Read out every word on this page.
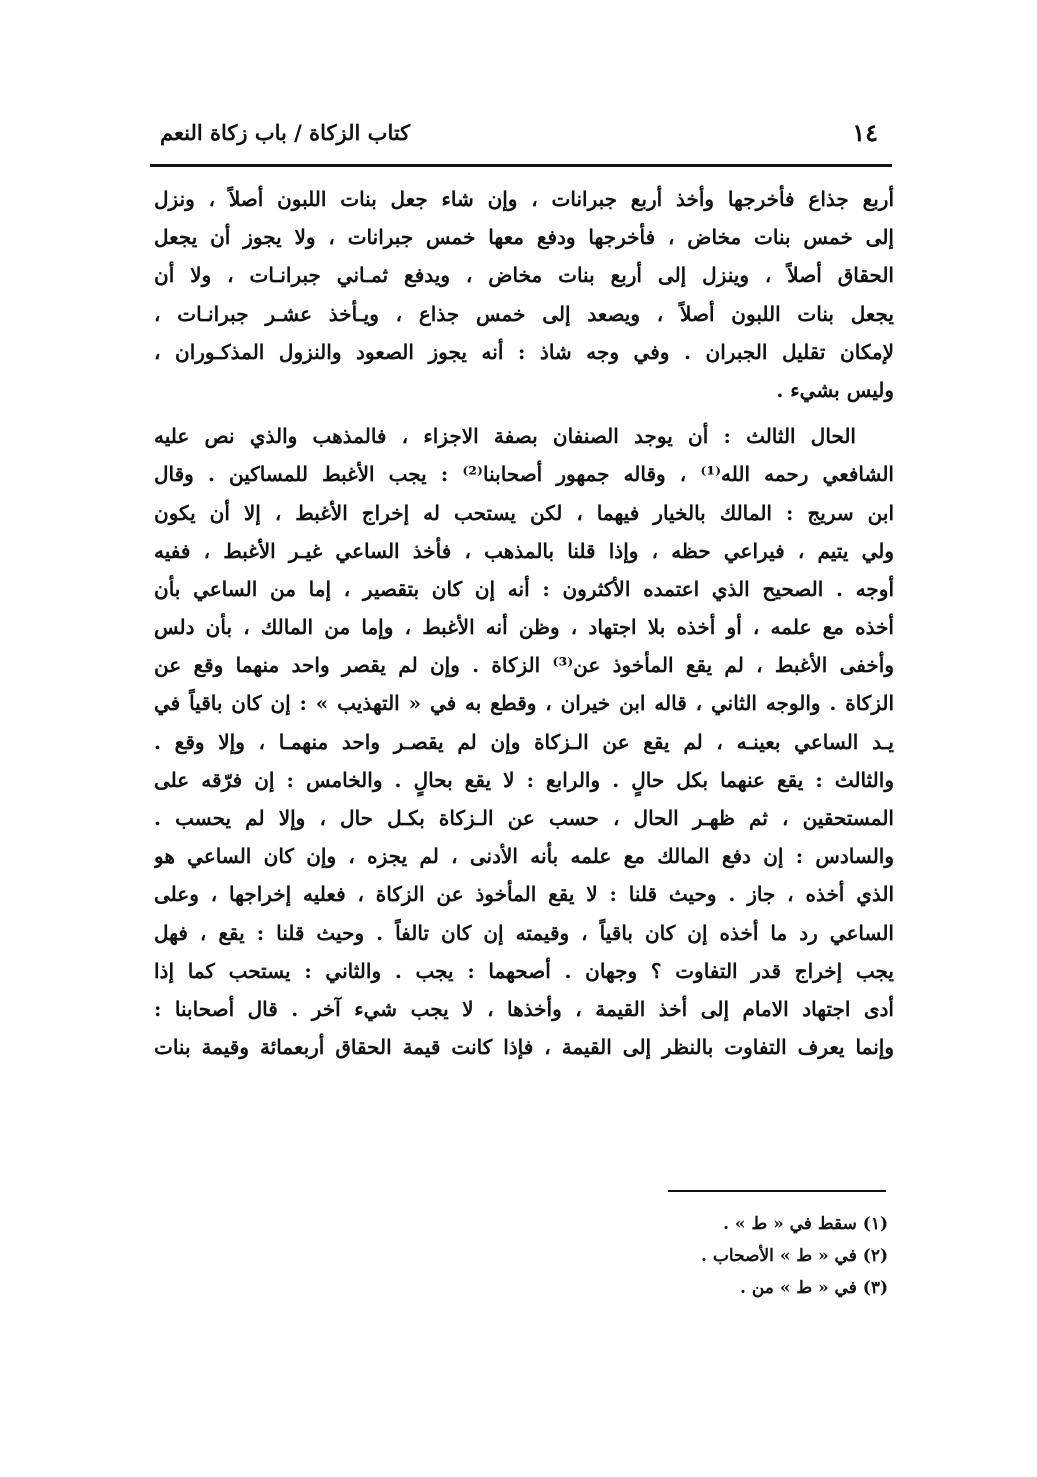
كتاب الزكاة / باب زكاة النعم	١٤
أربع جذاع فأخرجها وأخذ أربع جبرانات ، وإن شاء جعل بنات اللبون أصلاً ، ونزل
إلى خمس بنات مخاض ، فأخرجها ودفع معها خمس جبرانات ، ولا يجوز أن يجعل
الحقاق أصلاً ، وينزل إلى أربع بنات مخاض ، ويدفع ثمـاني جبرانـات ، ولا أن
يجعل بنات اللبون أصلاً ، ويصعد إلى خمس جذاع ، ويـأخذ عشـر جبرانـات ،
لإمكان تقليل الجبران . وفي وجه شاذ : أنه يجوز الصعود والنزول المذكـوران ،
وليس بشيء .
الحال الثالث : أن يوجد الصنفان بصفة الاجزاء ، فالمذهب والذي نص عليه
الشافعي رحمه الله⁽¹⁾ ، وقاله جمهور أصحابنا⁽²⁾ : يجب الأغبط للمساكين . وقال
ابن سريج : المالك بالخيار فيهما ، لكن يستحب له إخراج الأغبط ، إلا أن يكون
ولي يتيم ، فيراعي حظه ، وإذا قلنا بالمذهب ، فأخذ الساعي غيـر الأغبط ، ففيه
أوجه . الصحيح الذي اعتمده الأكثرون : أنه إن كان بتقصير ، إما من الساعي بأن
أخذه مع علمه ، أو أخذه بلا اجتهاد ، وظن أنه الأغبط ، وإما من المالك ، بأن دلس
وأخفى الأغبط ، لم يقع المأخوذ عن⁽³⁾ الزكاة . وإن لم يقصر واحد منهما وقع عن
الزكاة . والوجه الثاني ، قاله ابن خيران ، وقطع به في « التهذيب » : إن كان باقياً في
يـد الساعي بعينـه ، لم يقع عن الـزكاة وإن لم يقصـر واحد منهمـا ، وإلا وقع .
والثالث : يقع عنهما بكل حالٍ . والرابع : لا يقع بحالٍ . والخامس : إن فرّقه على
المستحقين ، ثم ظهـر الحال ، حسب عن الـزكاة بكـل حال ، وإلا لم يحسب .
والسادس : إن دفع المالك مع علمه بأنه الأدنى ، لم يجزه ، وإن كان الساعي هو
الذي أخذه ، جاز . وحيث قلنا : لا يقع المأخوذ عن الزكاة ، فعليه إخراجها ، وعلى
الساعي رد ما أخذه إن كان باقياً ، وقيمته إن كان تالفاً . وحيث قلنا : يقع ، فهل
يجب إخراج قدر التفاوت ؟ وجهان . أصحهما : يجب . والثاني : يستحب كما إذا
أدى اجتهاد الامام إلى أخذ القيمة ، وأخذها ، لا يجب شيء آخر . قال أصحابنا :
وإنما يعرف التفاوت بالنظر إلى القيمة ، فإذا كانت قيمة الحقاق أربعمائة وقيمة بنات
(١) سقط في « ط » .
(٢) في « ط » الأصحاب .
(٣) في « ط » من .
